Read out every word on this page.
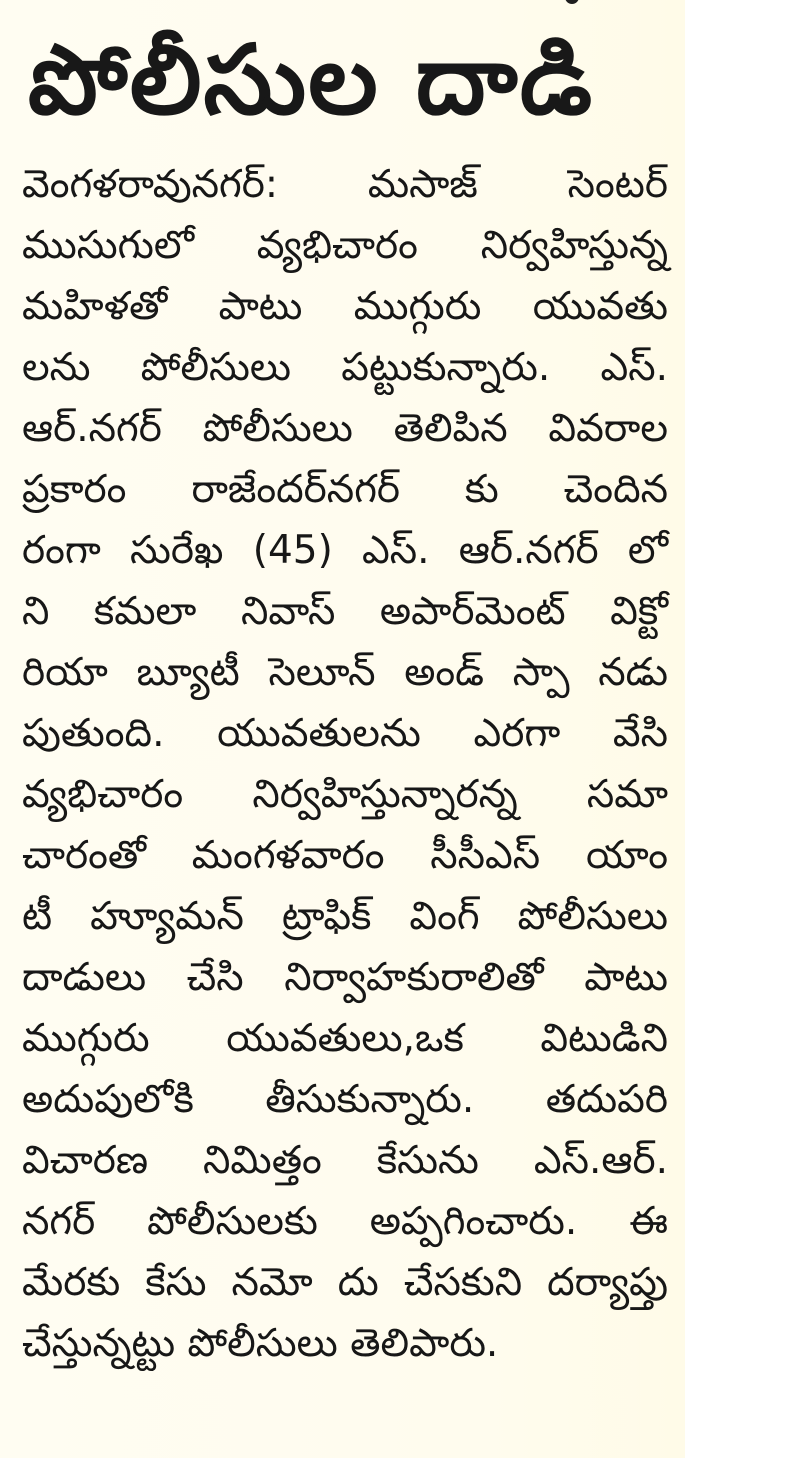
పోలీసుల దాడి
వెంగళరావునగర్: మసాజ్ సెంటర్
ముసుగులో వ్యభిచారం నిర్వహిస్తున్న
మహిళతో పాటు ముగ్గురు యువతు
లను పోలీసులు పట్టుకున్నారు. ఎస్.
ఆర్.నగర్ పోలీసులు తెలిపిన వివరాల
ప్రకారం రాజేందర్‌నగర్ కు చెందిన
రంగా సురేఖ (45) ఎస్. ఆర్.నగర్ లో
ని కమలా నివాస్ అపార్‌మెంట్ విక్టో
రియా బ్యూటీ సెలూన్ అండ్ స్పా నడు
పుతుంది. యువతులను ఎరగా వేసి
వ్యభిచారం నిర్వహిస్తున్నారన్న సమా
చారంతో మంగళవారం సీసీఎస్ యాం
టీ హ్యూమన్ ట్రాఫిక్ వింగ్ పోలీసులు
దాడులు చేసి నిర్వాహకురాలితో పాటు
ముగ్గురు యువతులు,ఒక విటుడిని
అదుపులోకి తీసుకున్నారు. తదుపరి
విచారణ నిమిత్తం కేసును ఎస్.ఆర్.
నగర్ పోలీసులకు అప్పగించారు. ఈ
మేరకు కేసు నమో దు చేసకుని దర్యాప్తు
చేస్తున్నట్టు పోలీసులు తెలిపారు.
